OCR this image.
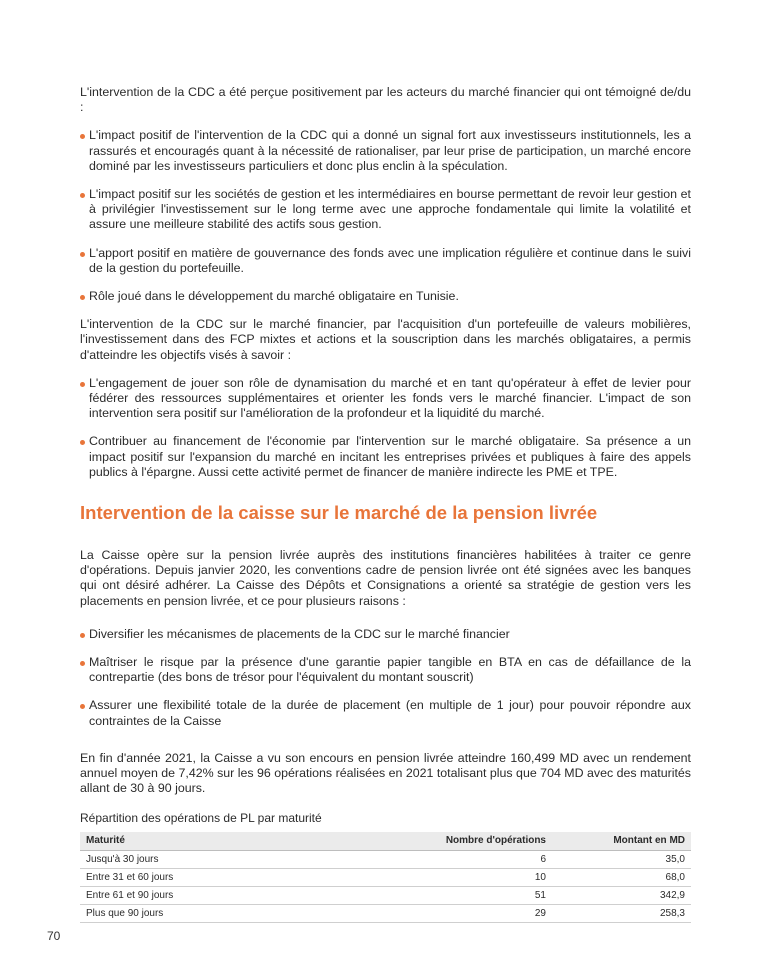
L'intervention de la CDC a été perçue positivement par les acteurs du marché financier qui ont témoigné de/du :

L'impact positif de l'intervention de la CDC qui a donné un signal fort aux investisseurs institutionnels, les a rassurés et encouragés quant à la nécessité de rationaliser, par leur prise de participation, un marché encore dominé par les investisseurs particuliers et donc plus enclin à la spéculation.
L'impact positif sur les sociétés de gestion et les intermédiaires en bourse permettant de revoir leur gestion et à privilégier l'investissement sur le long terme avec une approche fondamentale qui limite la volatilité et assure une meilleure stabilité des actifs sous gestion.
L'apport positif en matière de gouvernance des fonds avec une implication régulière et continue dans le suivi de la gestion du portefeuille.
Rôle joué dans le développement du marché obligataire en Tunisie.

L'intervention de la CDC sur le marché financier, par l'acquisition d'un portefeuille de valeurs mobilières, l'investissement dans des FCP mixtes et actions et la souscription dans les marchés obligataires, a permis d'atteindre les objectifs visés à savoir :

L'engagement de jouer son rôle de dynamisation du marché et en tant qu'opérateur à effet de levier pour fédérer des ressources supplémentaires et orienter les fonds vers le marché financier. L'impact de son intervention sera positif sur l'amélioration de la profondeur et la liquidité du marché.
Contribuer au financement de l'économie par l'intervention sur le marché obligataire. Sa présence a un impact positif sur l'expansion du marché en incitant les entreprises privées et publiques à faire des appels publics à l'épargne. Aussi cette activité permet de financer de manière indirecte les PME et TPE.
Intervention de la caisse sur le marché de la pension livrée

La Caisse opère sur la pension livrée auprès des institutions financières habilitées à traiter ce genre d'opérations. Depuis janvier 2020, les conventions cadre de pension livrée ont été signées avec les banques qui ont désiré adhérer. La Caisse des Dépôts et Consignations a orienté sa stratégie de gestion vers les placements en pension livrée, et ce pour plusieurs raisons :

Diversifier les mécanismes de placements de la CDC sur le marché financier
Maîtriser le risque par la présence d'une garantie papier tangible en BTA en cas de défaillance de la contrepartie (des bons de trésor pour l'équivalent du montant souscrit)
Assurer une flexibilité totale de la durée de placement (en multiple de 1 jour) pour pouvoir répondre aux contraintes de la Caisse

En fin d'année 2021, la Caisse a vu son encours en pension livrée atteindre 160,499 MD avec un rendement annuel moyen de 7,42% sur les 96 opérations réalisées en 2021 totalisant plus que 704 MD avec des maturités allant de 30 à 90 jours.

Répartition des opérations de PL par maturité
Maturité	Nombre d'opérations	Montant en MD
Jusqu'à 30 jours	6	35,0
Entre 31 et 60 jours	10	68,0
Entre 61 et 90 jours	51	342,9
Plus que 90 jours	29	258,3
70
